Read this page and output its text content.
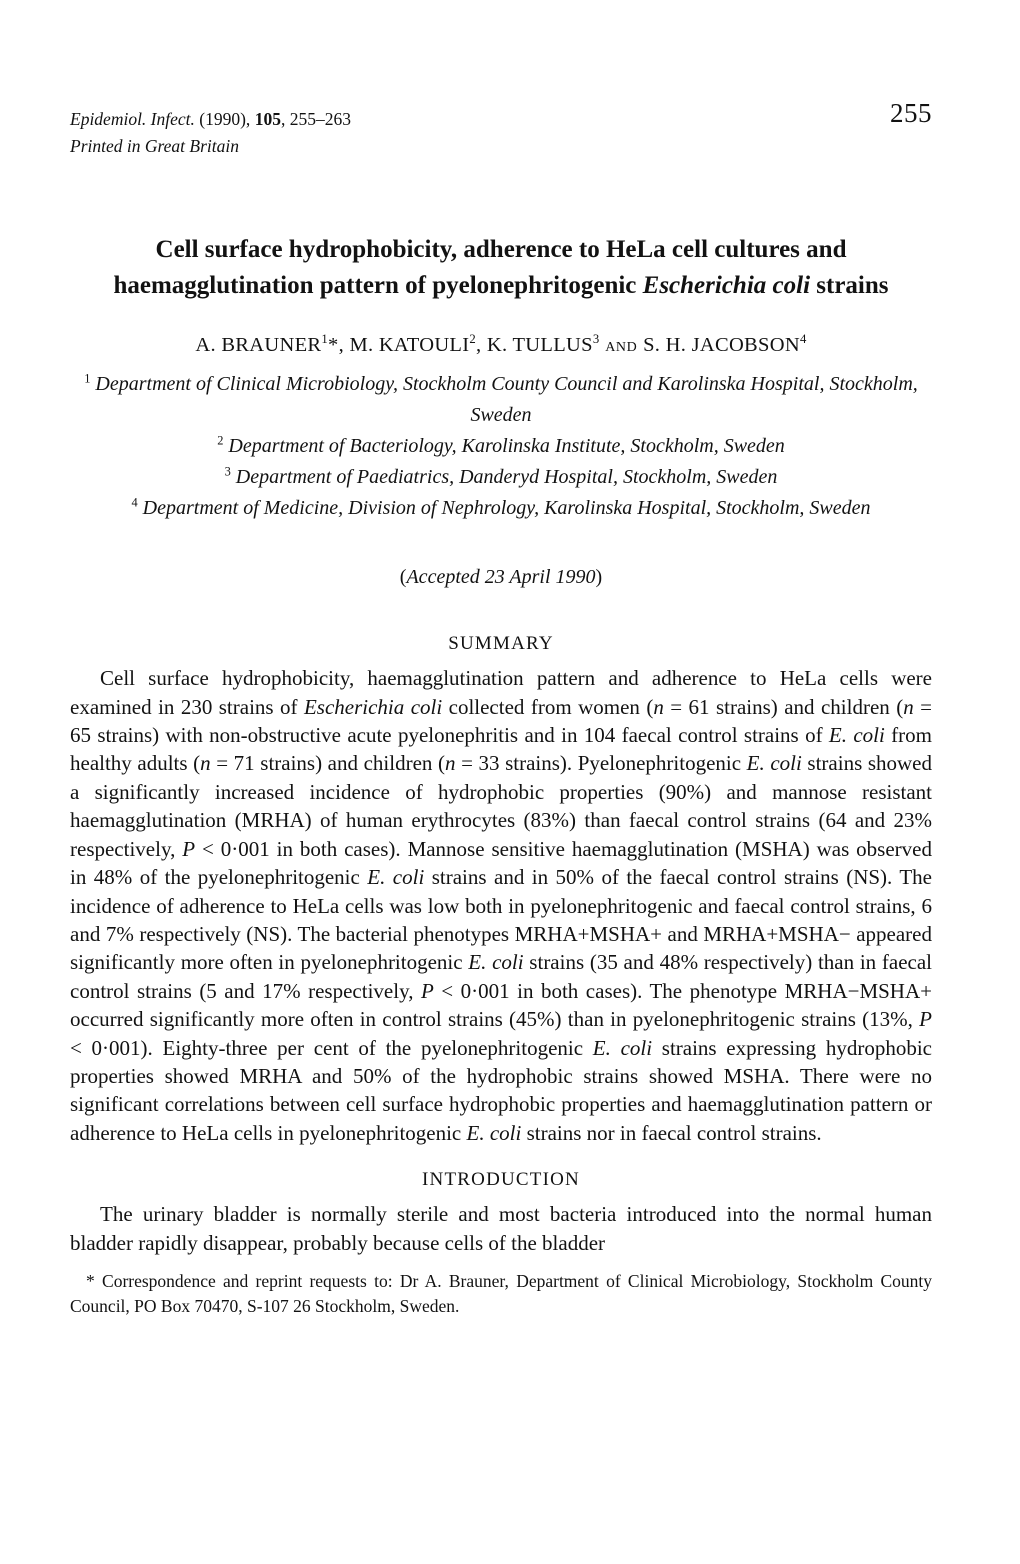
Epidemiol. Infect. (1990), 105, 255–263
Printed in Great Britain
255
Cell surface hydrophobicity, adherence to HeLa cell cultures and haemagglutination pattern of pyelonephritogenic Escherichia coli strains
A. BRAUNER$^1$*, M. KATOULI$^2$, K. TULLUS$^3$ and S. H. JACOBSON$^4$
$^1$ Department of Clinical Microbiology, Stockholm County Council and Karolinska Hospital, Stockholm, Sweden
$^2$ Department of Bacteriology, Karolinska Institute, Stockholm, Sweden
$^3$ Department of Paediatrics, Danderyd Hospital, Stockholm, Sweden
$^4$ Department of Medicine, Division of Nephrology, Karolinska Hospital, Stockholm, Sweden
(Accepted 23 April 1990)
SUMMARY

Cell surface hydrophobicity, haemagglutination pattern and adherence to HeLa cells were examined in 230 strains of Escherichia coli collected from women (n = 61 strains) and children (n = 65 strains) with non-obstructive acute pyelonephritis and in 104 faecal control strains of E. coli from healthy adults (n = 71 strains) and children (n = 33 strains). Pyelonephritogenic E. coli strains showed a significantly increased incidence of hydrophobic properties (90%) and mannose resistant haemagglutination (MRHA) of human erythrocytes (83%) than faecal control strains (64 and 23% respectively, P < 0·001 in both cases). Mannose sensitive haemagglutination (MSHA) was observed in 48% of the pyelonephritogenic E. coli strains and in 50% of the faecal control strains (NS). The incidence of adherence to HeLa cells was low both in pyelonephritogenic and faecal control strains, 6 and 7% respectively (NS). The bacterial phenotypes MRHA+MSHA+ and MRHA+MSHA− appeared significantly more often in pyelonephritogenic E. coli strains (35 and 48% respectively) than in faecal control strains (5 and 17% respectively, P < 0·001 in both cases). The phenotype MRHA−MSHA+ occurred significantly more often in control strains (45%) than in pyelonephritogenic strains (13%, P < 0·001). Eighty-three per cent of the pyelonephritogenic E. coli strains expressing hydrophobic properties showed MRHA and 50% of the hydrophobic strains showed MSHA. There were no significant correlations between cell surface hydrophobic properties and haemagglutination pattern or adherence to HeLa cells in pyelonephritogenic E. coli strains nor in faecal control strains.

INTRODUCTION

The urinary bladder is normally sterile and most bacteria introduced into the normal human bladder rapidly disappear, probably because cells of the bladder

* Correspondence and reprint requests to: Dr A. Brauner, Department of Clinical Microbiology, Stockholm County Council, PO Box 70470, S-107 26 Stockholm, Sweden.
